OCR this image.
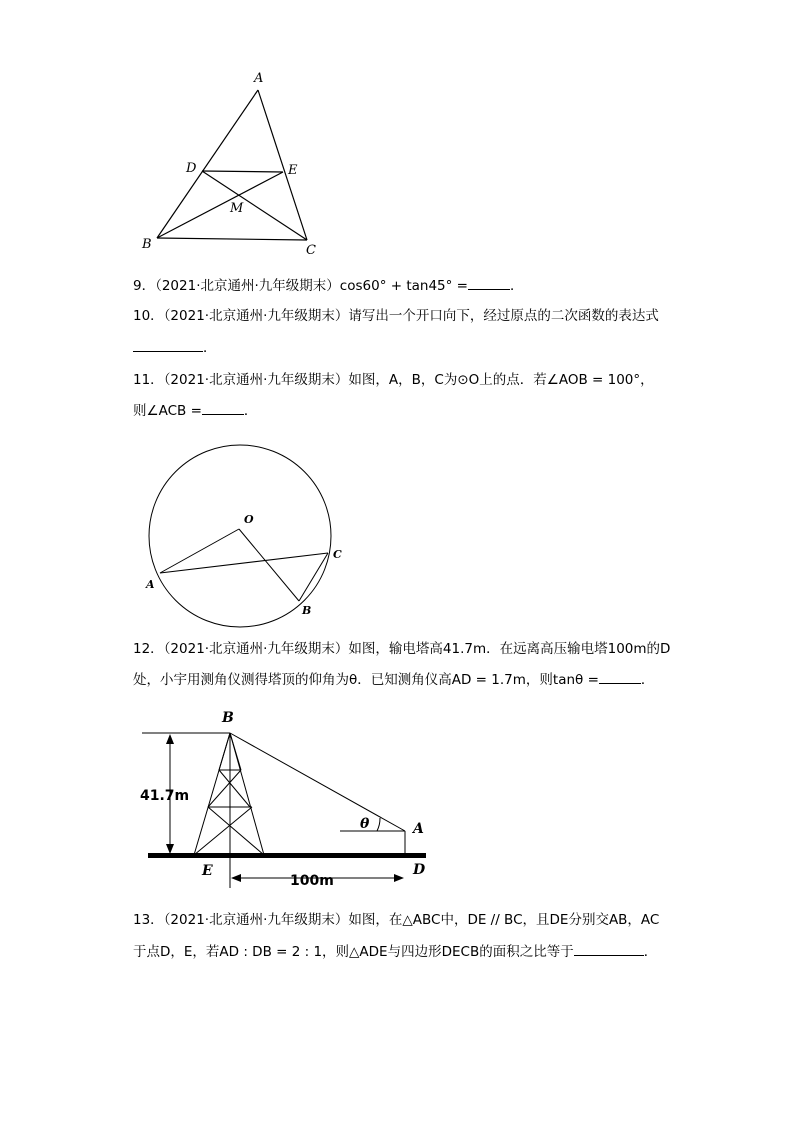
A
B	C
D	E
M
9．（2021·北京通州·九年级期末）cos60° + tan45° =	．
10．（2021·北京通州·九年级期末）请写出一个开口向下，经过原点的二次函数的表达式
．
11．（2021·北京通州·九年级期末）如图，A，B，C为⊙O上的点．若∠AOB = 100°，
则∠ACB =	．
O
A
B
C
12．（2021·北京通州·九年级期末）如图，输电塔高41.7m．在远离高压输电塔100m的D
处，小宇用测角仪测得塔顶的仰角为θ．已知测角仪高AD = 1.7m，则tanθ =	．
B
A
D
E
θ
41.7m
100m
13．（2021·北京通州·九年级期末）如图，在△ABC中，DE // BC，且DE分别交AB，AC
于点D，E，若AD : DB = 2 : 1，则△ADE与四边形DECB的面积之比等于	．
